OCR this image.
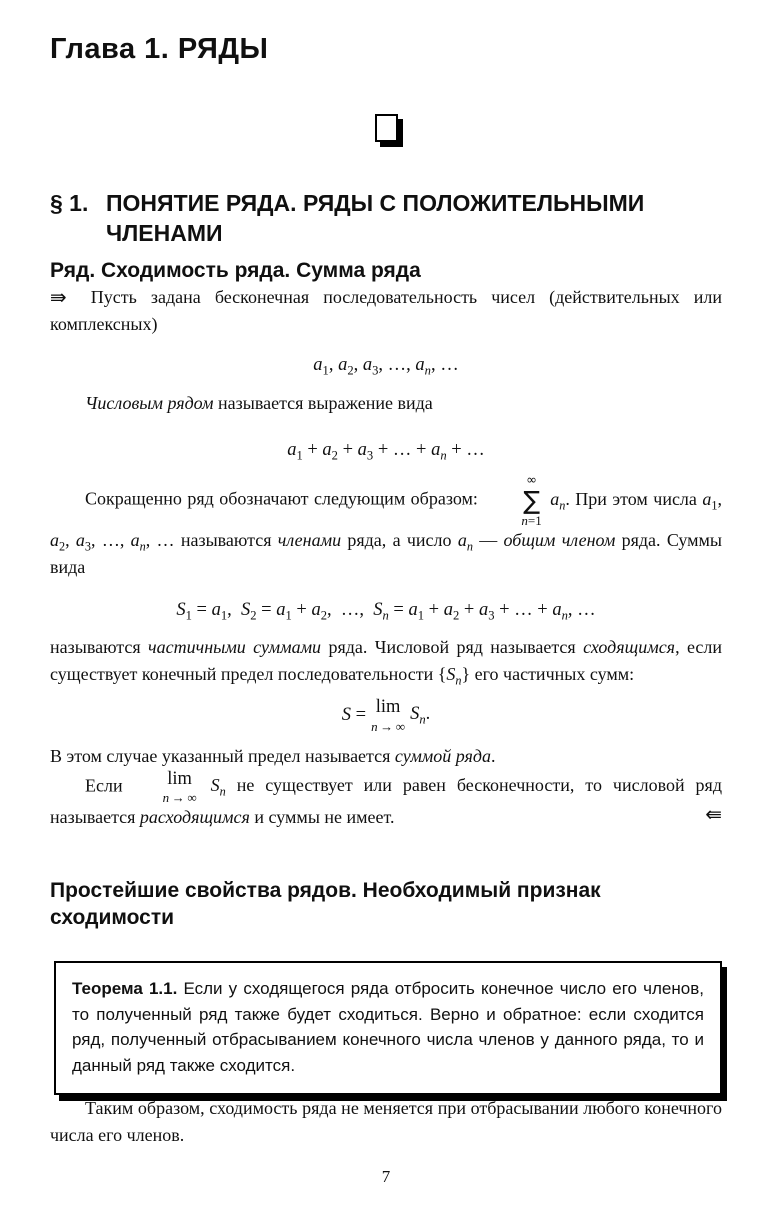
Глава 1. РЯДЫ
§ 1. ПОНЯТИЕ РЯДА. РЯДЫ С ПОЛОЖИТЕЛЬНЫМИ ЧЛЕНАМИ
Ряд. Сходимость ряда. Сумма ряда

⇛ Пусть задана бесконечная последовательность чисел (действительных или комплексных)

$a_1$, $a_2$, $a_3$, …, $a_n$, …

Числовым рядом называется выражение вида

$a_1 + a_2 + a_3$ + … + $a_n$ + …

Сокращенно ряд обозначают следующим образом:
∞
∑
n=1
$a_n$. При этом числа $a_1$, $a_2$, $a_3$, …, $a_n$, … называются членами ряда, а число $a_n$ — общим членом ряда. Суммы вида

$S_1 = a_1$, $S_2 = a_1 + a_2$, …, $S_n = a_1 + a_2 + a_3$ + … + $a_n$, …

называются частичными суммами ряда. Числовой ряд называется сходящимся, если существует конечный предел последовательности $\{S_n\}$ его частичных сумм:

S = lim
n → ∞
$S_n$.

В этом случае указанный предел называется суммой ряда.

Если	lim
n → ∞
 $S_n$ не существует или равен бесконечности, то числовой ряд называется расходящимся и суммы не имеет.	⇚

Простейшие свойства рядов. Необходимый признак сходимости
Теорема 1.1. Если у сходящегося ряда отбросить конечное число его членов, то полученный ряд также будет сходиться. Верно и обратное: если сходится ряд, полученный отбрасыванием конечного числа членов у данного ряда, то и данный ряд также сходится.

Таким образом, сходимость ряда не меняется при отбрасывании любого конечного числа его членов.

7
